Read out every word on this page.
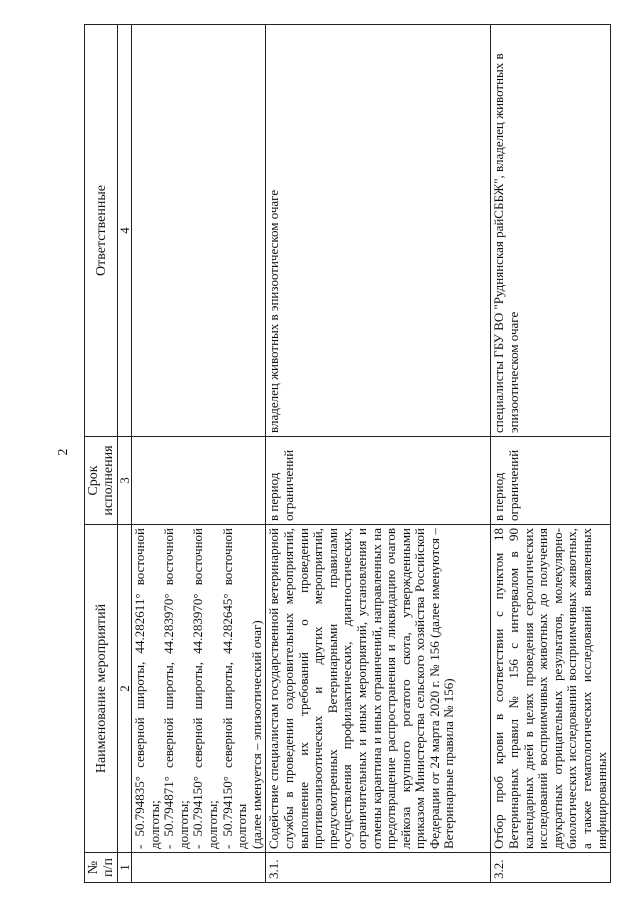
2
№ п/п	Наименование мероприятий	Срок исполнения	Ответственные
1	2	3	4

	- 50.794835° северной широты, 44.282611° восточной долготы; - 50.794871° северной широты, 44.283970° восточной долготы; - 50.794150° северной широты, 44.283970° восточной долготы; - 50.794150° северной широты, 44.282645° восточной долготы (далее именуется – эпизоотический очаг)		

3.1.	Содействие специалистам государственной ветеринарной службы в проведении оздоровительных мероприятий, выполнение их требований о проведении противоэпизоотических и других мероприятий, предусмотренных Ветеринарными правилами осуществления профилактических, диагностических, ограничительных и иных мероприятий, установления и отмены карантина и иных ограничений, направленных на предотвращение распространения и ликвидацию очагов лейкоза крупного рогатого скота, утвержденными приказом Министерства сельского хозяйства Российской Федерации от 24 марта 2020 г. № 156 (далее именуются – Ветеринарные правила № 156)	в период ограничений	владелец животных в эпизоотическом очаге
3.2.	Отбор проб крови в соответствии с пунктом 18 Ветеринарных правил № 156 с интервалом в 90 календарных дней в целях проведения серологических исследований восприимчивых животных до получения двукратных отрицательных результатов, молекулярно-биологических исследований восприимчивых животных, а также гематологических исследований выявленных инфицированных	в период ограничений	специалисты ГБУ ВО "Руднянская райСББЖ", владелец животных в эпизоотическом очаге
